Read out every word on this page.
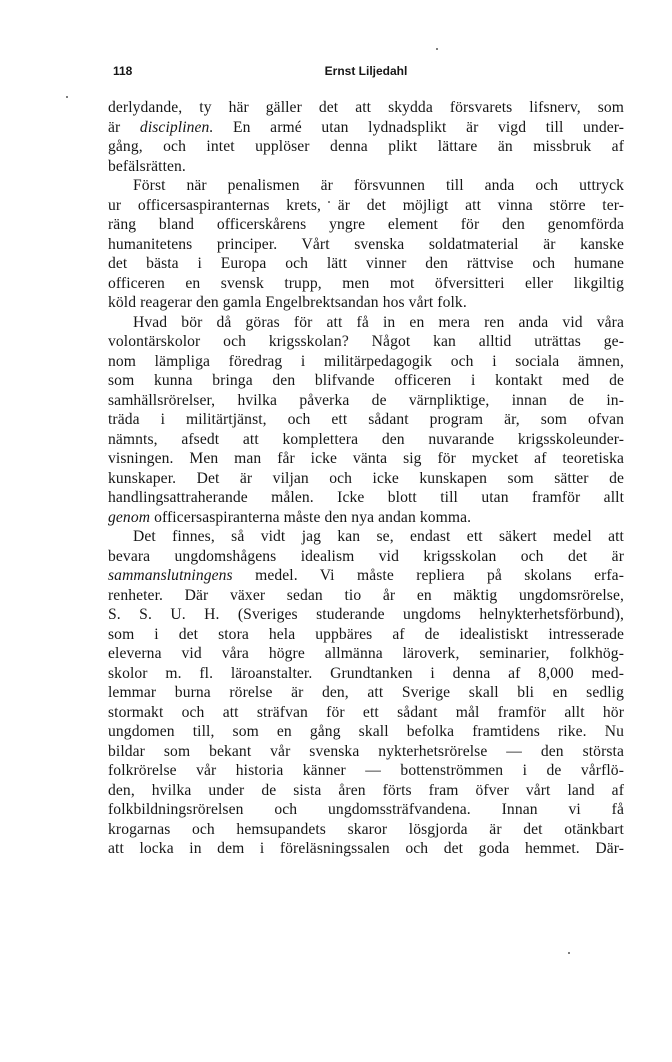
118	Ernst Liljedahl
derlydande, ty här gäller det att skydda försvarets lifsnerv, som
är disciplinen. En armé utan lydnadsplikt är vigd till under-
gång, och intet upplöser denna plikt lättare än missbruk af
befälsrätten.
Först när penalismen är försvunnen till anda och uttryck
ur officersaspiranternas krets, är det möjligt att vinna större ter-
räng bland officerskårens yngre element för den genomförda
humanitetens principer. Vårt svenska soldatmaterial är kanske
det bästa i Europa och lätt vinner den rättvise och humane
officeren en svensk trupp, men mot öfversitteri eller likgiltig
köld reagerar den gamla Engelbrektsandan hos vårt folk.
Hvad bör då göras för att få in en mera ren anda vid våra
volontärskolor och krigsskolan? Något kan alltid uträttas ge-
nom lämpliga föredrag i militärpedagogik och i sociala ämnen,
som kunna bringa den blifvande officeren i kontakt med de
samhällsrörelser, hvilka påverka de värnpliktige, innan de in-
träda i militärtjänst, och ett sådant program är, som ofvan
nämnts, afsedt att komplettera den nuvarande krigsskoleunder-
visningen. Men man får icke vänta sig för mycket af teoretiska
kunskaper. Det är viljan och icke kunskapen som sätter de
handlingsattraherande målen. Icke blott till utan framför allt
genom officersaspiranterna måste den nya andan komma.
Det finnes, så vidt jag kan se, endast ett säkert medel att
bevara ungdomshågens idealism vid krigsskolan och det är
sammanslutningens medel. Vi måste repliera på skolans erfa-
renheter. Där växer sedan tio år en mäktig ungdomsrörelse,
S. S. U. H. (Sveriges studerande ungdoms helnykterhetsförbund),
som i det stora hela uppbäres af de idealistiskt intresserade
eleverna vid våra högre allmänna läroverk, seminarier, folkhög-
skolor m. fl. läroanstalter. Grundtanken i denna af 8,000 med-
lemmar burna rörelse är den, att Sverige skall bli en sedlig
stormakt och att sträfvan för ett sådant mål framför allt hör
ungdomen till, som en gång skall befolka framtidens rike. Nu
bildar som bekant vår svenska nykterhetsrörelse — den största
folkrörelse vår historia känner — bottenströmmen i de vårflö-
den, hvilka under de sista åren förts fram öfver vårt land af
folkbildningsrörelsen och ungdomssträfvandena. Innan vi få
krogarnas och hemsupandets skaror lösgjorda är det otänkbart
att locka in dem i föreläsningssalen och det goda hemmet. Där-
